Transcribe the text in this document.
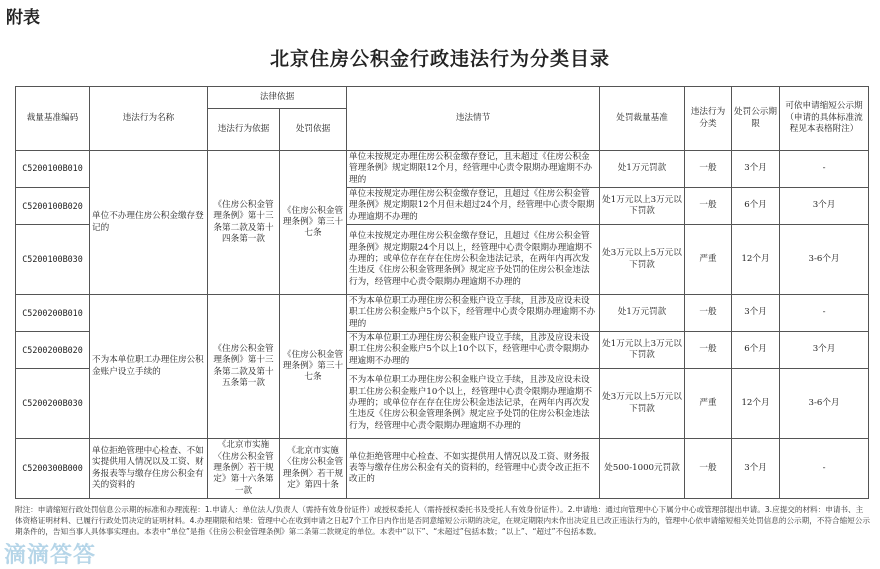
附表
北京住房公积金行政违法行为分类目录
裁量基准编码	违法行为名称	法律依据		违法情节	处罚裁量基准	违法行为分类	处罚公示期限	可依申请缩短公示期（申请的具体标准流程见本表格附注）
		违法行为依据	处罚依据					
C5200100B010	单位不办理住房公积金缴存登记的	《住房公积金管理条例》第十三条第二款及第十四条第一款	《住房公积金管理条例》第三十七条	单位未按规定办理住房公积金缴存登记，且未超过《住房公积金管理条例》规定期限12个月，经管理中心责令限期办理逾期不办理的	处1万元罚款	一般	3个月	-
C5200100B020				单位未按规定办理住房公积金缴存登记，且超过《住房公积金管理条例》规定期限12个月但未超过24个月，经管理中心责令限期办理逾期不办理的	处1万元以上3万元以下罚款	一般	6个月	3个月
C5200100B030				单位未按规定办理住房公积金缴存登记，且超过《住房公积金管理条例》规定期限24个月以上，经管理中心责令限期办理逾期不办理的；或单位存在存在住房公积金违法记录，在两年内再次发生违反《住房公积金管理条例》规定应予处罚的住房公积金违法行为，经管理中心责令限期办理逾期不办理的	处3万元以上5万元以下罚款	严重	12个月	3-6个月
C5200200B010	不为本单位职工办理住房公积金账户设立手续的	《住房公积金管理条例》第十三条第二款及第十五条第一款	《住房公积金管理条例》第三十七条	不为本单位职工办理住房公积金账户设立手续，且涉及应设未设职工住房公积金账户5个以下，经管理中心责令限期办理逾期不办理的	处1万元罚款	一般	3个月	-
C5200200B020				不为本单位职工办理住房公积金账户设立手续，且涉及应设未设职工住房公积金账户5个以上10个以下，经管理中心责令限期办理逾期不办理的	处1万元以上3万元以下罚款	一般	6个月	3个月
C5200200B030				不为本单位职工办理住房公积金账户设立手续，且涉及应设未设职工住房公积金账户10个以上，经管理中心责令限期办理逾期不办理的；或单位存在存在住房公积金违法记录，在两年内再次发生违反《住房公积金管理条例》规定应予处罚的住房公积金违法行为，经管理中心责令限期办理逾期不办理的	处3万元以上5万元以下罚款	严重	12个月	3-6个月
C5200300B000	单位拒绝管理中心检查、不如实提供用人情况以及工资、财务报表等与缴存住房公积金有关的资料的	《北京市实施〈住房公积金管理条例〉若干规定》第十六条第一款	《北京市实施〈住房公积金管理条例〉若干规定》第四十条	单位拒绝管理中心检查、不如实提供用人情况以及工资、财务报表等与缴存住房公积金有关的资料的，经管理中心责令改正拒不改正的	处500-1000元罚款	一般	3个月	-
附注：申请缩短行政处罚信息公示期的标准和办理流程：1.申请人：单位法人/负责人（需持有效身份证件）或授权委托人（需持授权委托书及受托人有效身份证件）。2.申请地：通过向管理中心下属分中心或管理部提出申请。3.应提交的材料：申请书、主体资格证明材料、已履行行政处罚决定的证明材料。4.办理期限和结果：管理中心在收到申请之日起7个工作日内作出是否同意缩短公示期的决定，在规定期限内未作出决定且已改正违法行为的，管理中心依申请缩短相关处罚信息的公示期，不符合缩短公示期条件的，告知当事人具体事实理由。本表中“单位”是指《住房公积金管理条例》第二条第二款规定的单位。本表中“以下”、“未超过”包括本数；“以上”、“超过”不包括本数。
滴滴答答
